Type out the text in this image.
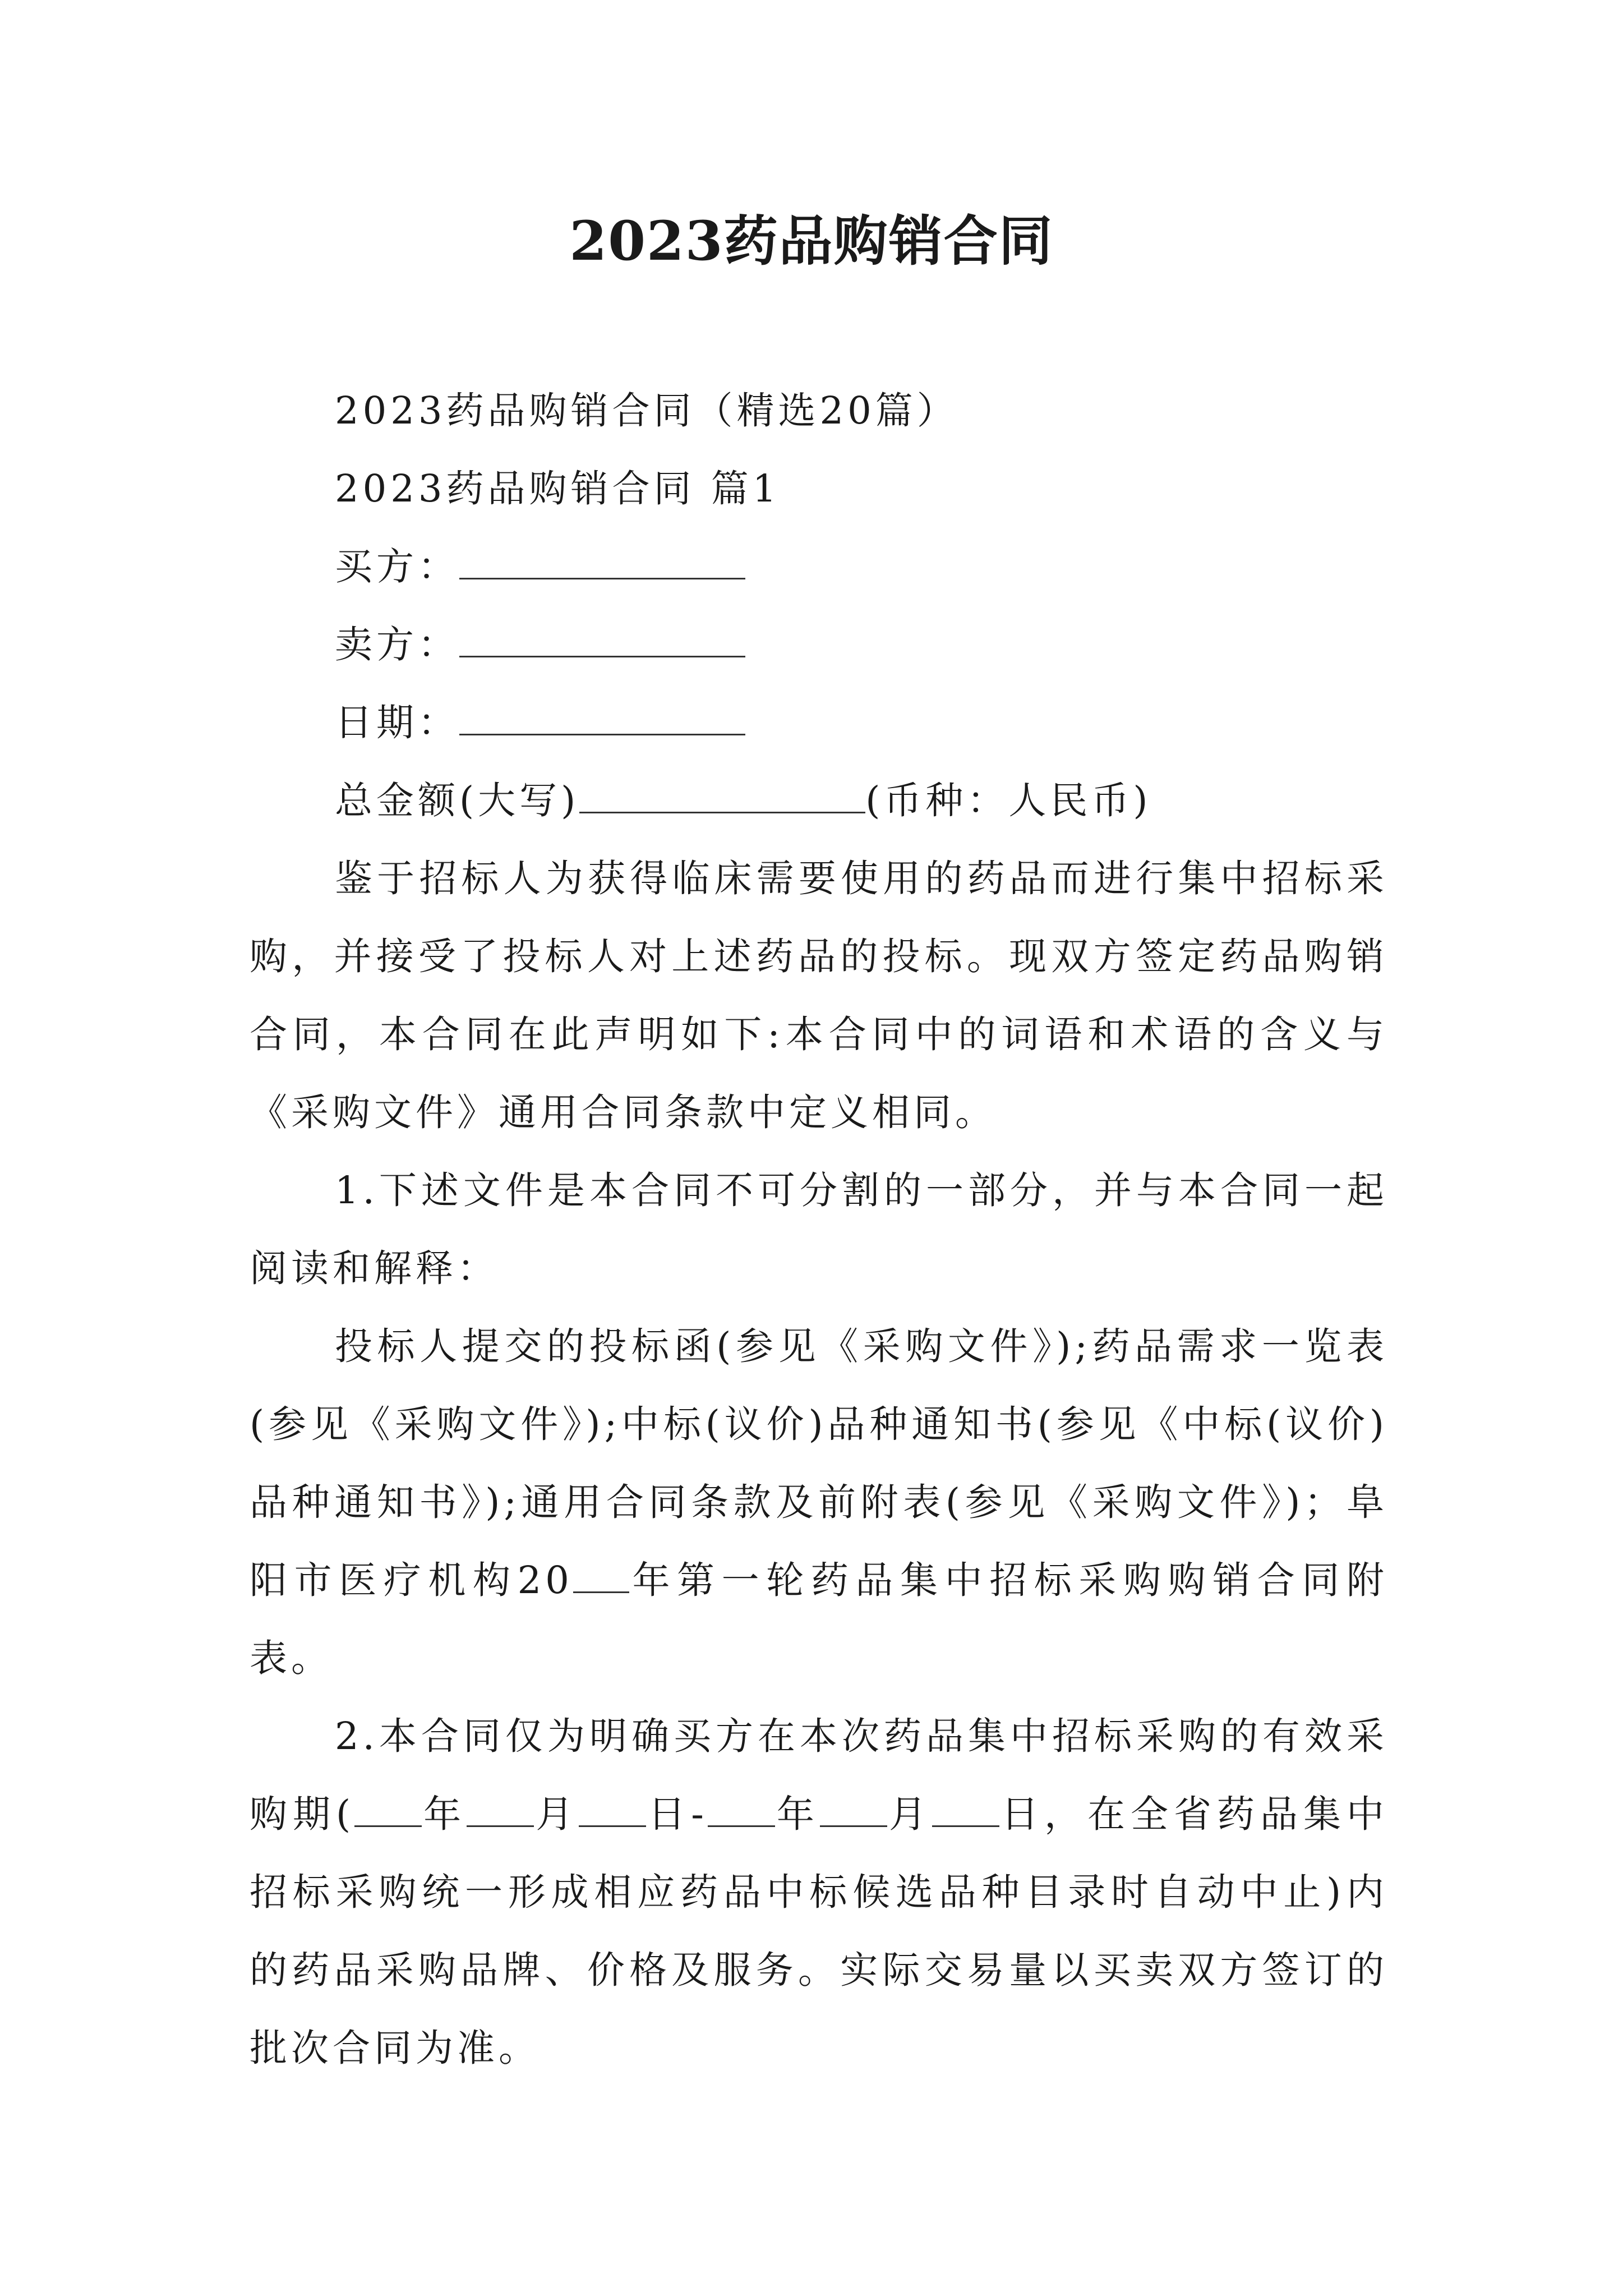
2023药品购销合同

2023药品购销合同（精选20篇）

2023药品购销合同 篇1

买方：

卖方：

日期：

总金额(大写)	(币种：人民币)

鉴于招标人为获得临床需要使用的药品而进行集中招标采购，并接受了投标人对上述药品的投标。现双方签定药品购销合同，本合同在此声明如下:本合同中的词语和术语的含义与《采购文件》通用合同条款中定义相同。

1.下述文件是本合同不可分割的一部分，并与本合同一起阅读和解释：

投标人提交的投标函(参见《采购文件》);药品需求一览表(参见《采购文件》);中标(议价)品种通知书(参见《中标(议价)品种通知书》);通用合同条款及前附表(参见《采购文件》)；阜阳市医疗机构20 年第一轮药品集中招标采购购销合同附表。

2.本合同仅为明确买方在本次药品集中招标采购的有效采购期( 年 月 日- 年 月 日，在全省药品集中招标采购统一形成相应药品中标候选品种目录时自动中止)内的药品采购品牌、价格及服务。实际交易量以买卖双方签订的批次合同为准。
